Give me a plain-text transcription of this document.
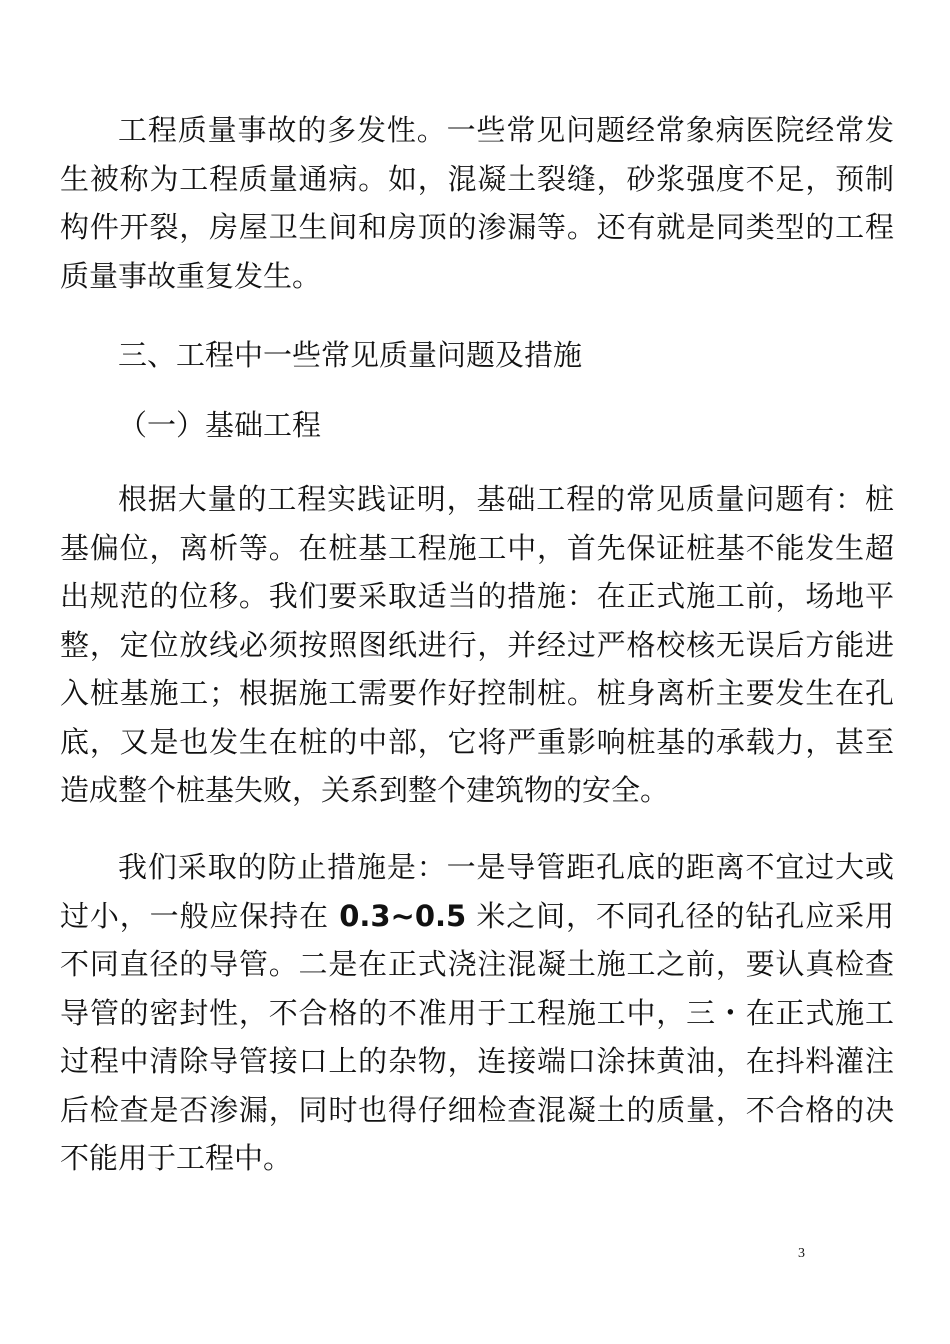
工程质量事故的多发性。一些常见问题经常象病医院经常发生被称为工程质量通病。如，混凝土裂缝，砂浆强度不足，预制构件开裂，房屋卫生间和房顶的渗漏等。还有就是同类型的工程质量事故重复发生。

三、工程中一些常见质量问题及措施

（一）基础工程

根据大量的工程实践证明，基础工程的常见质量问题有：桩基偏位，离析等。在桩基工程施工中，首先保证桩基不能发生超出规范的位移。我们要采取适当的措施：在正式施工前，场地平整，定位放线必须按照图纸进行，并经过严格校核无误后方能进入桩基施工；根据施工需要作好控制桩。桩身离析主要发生在孔底，又是也发生在桩的中部，它将严重影响桩基的承载力，甚至造成整个桩基失败，关系到整个建筑物的安全。

我们采取的防止措施是：一是导管距孔底的距离不宜过大或过小，一般应保持在 0.3~0.5 米之间，不同孔径的钻孔应采用不同直径的导管。二是在正式浇注混凝土施工之前，要认真检查导管的密封性，不合格的不准用于工程施工中，三・在正式施工过程中清除导管接口上的杂物，连接端口涂抹黄油，在抖料灌注后检查是否渗漏，同时也得仔细检查混凝土的质量，不合格的决不能用于工程中。

3
